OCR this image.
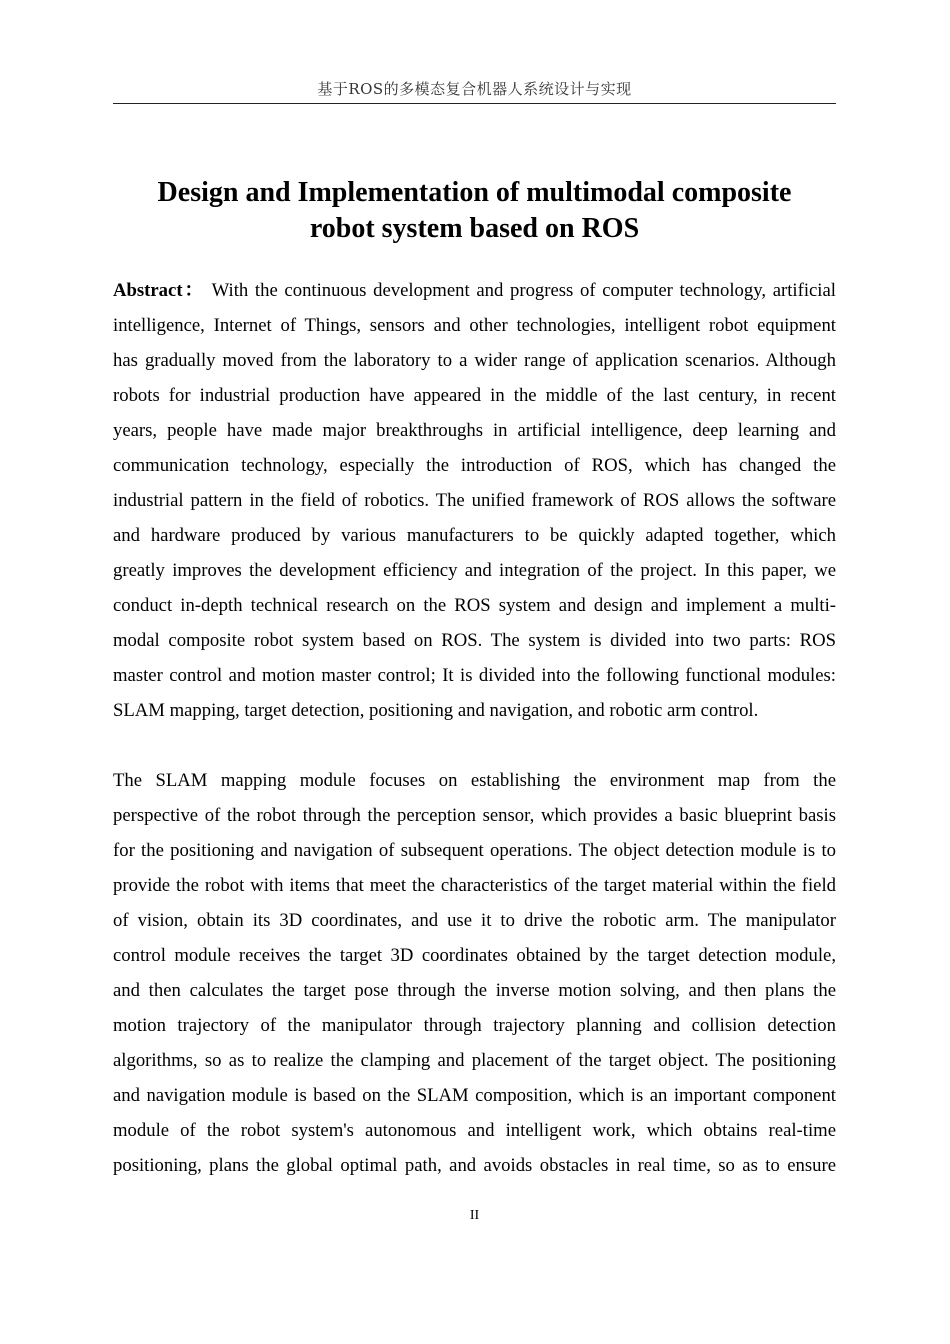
基于ROS的多模态复合机器人系统设计与实现
Design and Implementation of multimodal composite
robot system based on ROS
Abstract： With the continuous development and progress of computer technology, artificial
intelligence, Internet of Things, sensors and other technologies, intelligent robot equipment
has gradually moved from the laboratory to a wider range of application scenarios. Although
robots for industrial production have appeared in the middle of the last century, in recent
years, people have made major breakthroughs in artificial intelligence, deep learning and
communication technology, especially the introduction of ROS, which has changed the
industrial pattern in the field of robotics. The unified framework of ROS allows the software
and hardware produced by various manufacturers to be quickly adapted together, which
greatly improves the development efficiency and integration of the project. In this paper, we
conduct in-depth technical research on the ROS system and design and implement a multi-
modal composite robot system based on ROS. The system is divided into two parts: ROS
master control and motion master control; It is divided into the following functional modules:
SLAM mapping, target detection, positioning and navigation, and robotic arm control.
The SLAM mapping module focuses on establishing the environment map from the
perspective of the robot through the perception sensor, which provides a basic blueprint basis
for the positioning and navigation of subsequent operations. The object detection module is to
provide the robot with items that meet the characteristics of the target material within the field
of vision, obtain its 3D coordinates, and use it to drive the robotic arm. The manipulator
control module receives the target 3D coordinates obtained by the target detection module,
and then calculates the target pose through the inverse motion solving, and then plans the
motion trajectory of the manipulator through trajectory planning and collision detection
algorithms, so as to realize the clamping and placement of the target object. The positioning
and navigation module is based on the SLAM composition, which is an important component
module of the robot system's autonomous and intelligent work, which obtains real-time
positioning, plans the global optimal path, and avoids obstacles in real time, so as to ensure
II
